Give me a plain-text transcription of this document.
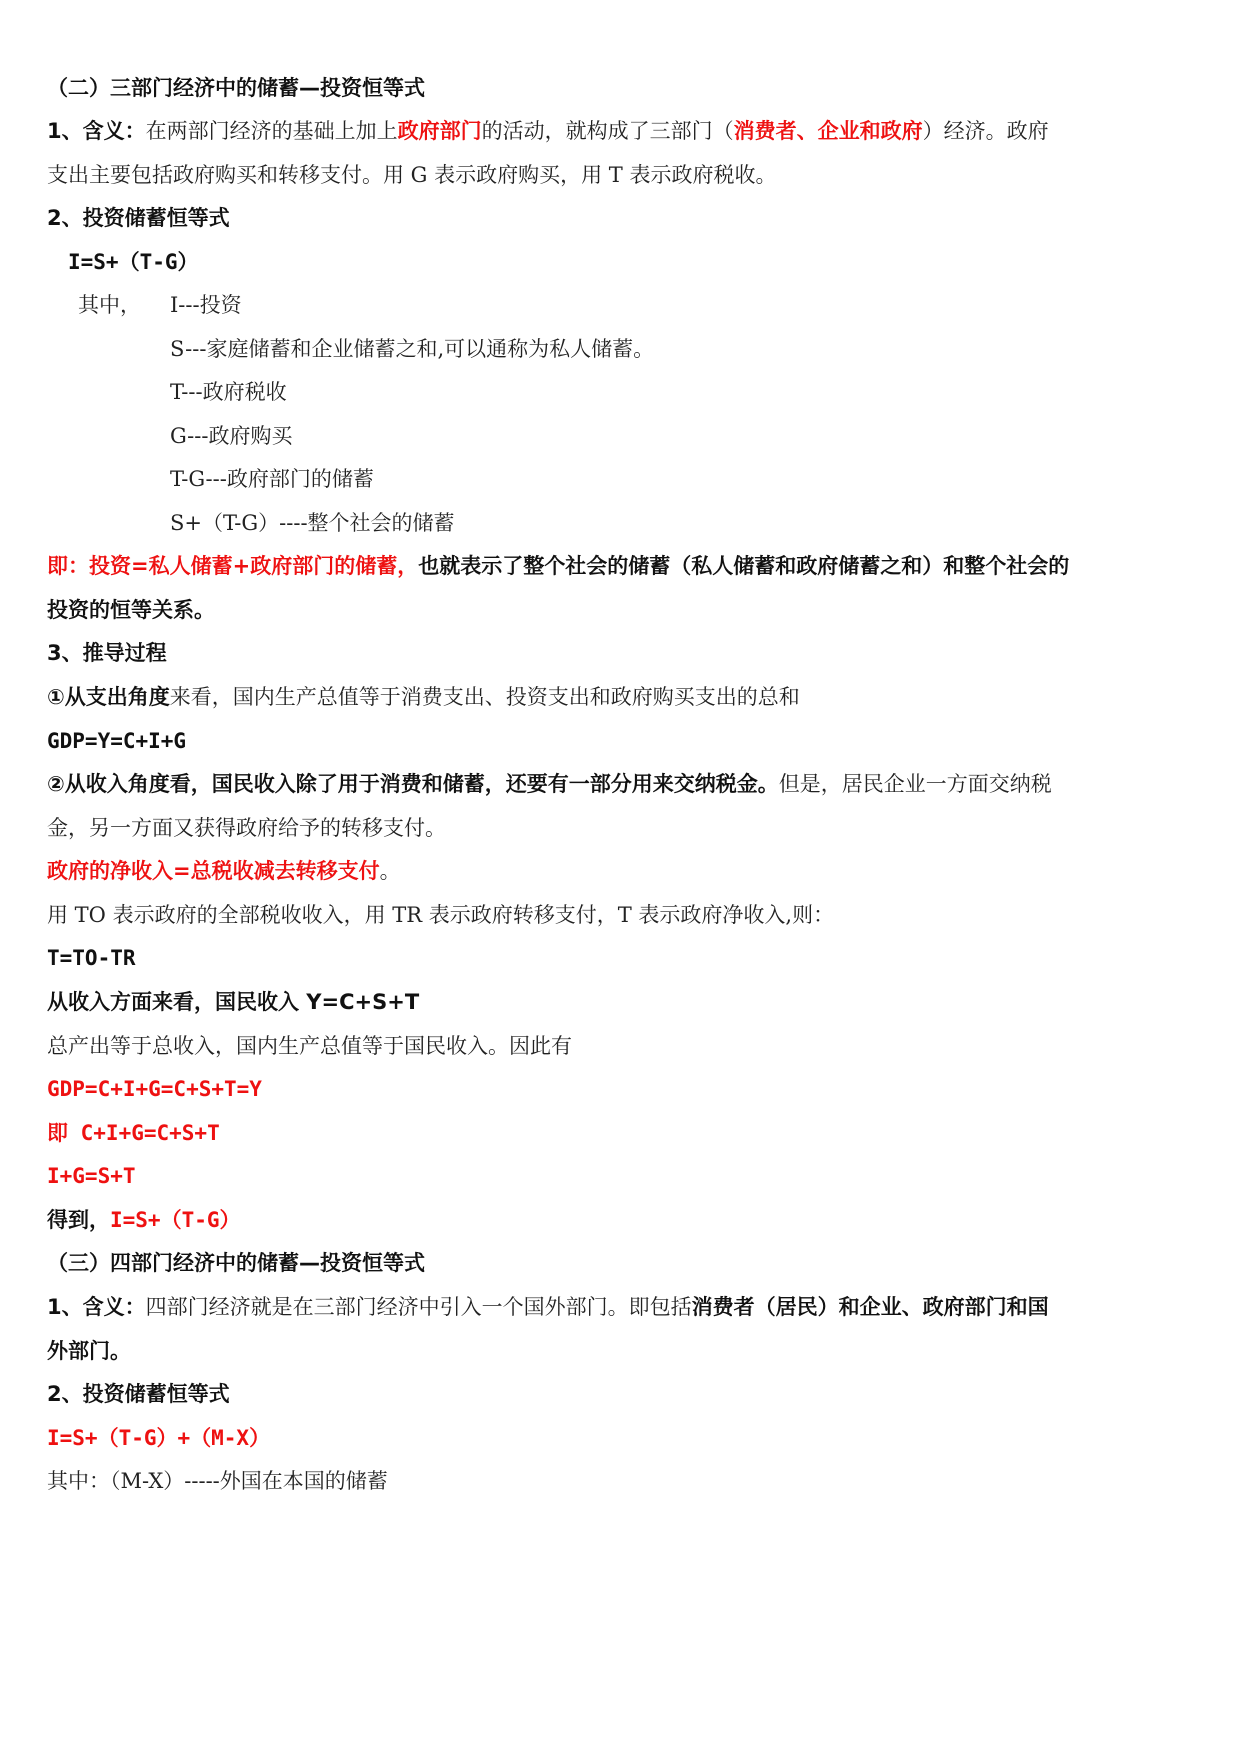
（二）三部门经济中的储蓄—投资恒等式
1、含义：在两部门经济的基础上加上政府部门的活动，就构成了三部门（消费者、企业和政府）经济。政府
支出主要包括政府购买和转移支付。用 G 表示政府购买，用 T 表示政府税收。
2、投资储蓄恒等式
I=S+（T-G）
其中， I---投资
S---家庭储蓄和企业储蓄之和,可以通称为私人储蓄。
T---政府税收
G---政府购买
T-G---政府部门的储蓄
S+（T-G）----整个社会的储蓄
即：投资=私人储蓄+政府部门的储蓄，也就表示了整个社会的储蓄（私人储蓄和政府储蓄之和）和整个社会的
投资的恒等关系。
3、推导过程
①从支出角度来看，国内生产总值等于消费支出、投资支出和政府购买支出的总和
GDP=Y=C+I+G
②从收入角度看，国民收入除了用于消费和储蓄，还要有一部分用来交纳税金。但是，居民企业一方面交纳税
金，另一方面又获得政府给予的转移支付。
政府的净收入=总税收减去转移支付。
用 TO 表示政府的全部税收收入，用 TR 表示政府转移支付，T 表示政府净收入,则：
T=TO-TR
从收入方面来看，国民收入 Y=C+S+T
总产出等于总收入，国内生产总值等于国民收入。因此有
GDP=C+I+G=C+S+T=Y
即 C+I+G=C+S+T
I+G=S+T
得到，I=S+（T-G）
（三）四部门经济中的储蓄—投资恒等式
1、含义：四部门经济就是在三部门经济中引入一个国外部门。即包括消费者（居民）和企业、政府部门和国
外部门。
2、投资储蓄恒等式
I=S+（T-G）+（M-X）
其中：（M-X）-----外国在本国的储蓄
